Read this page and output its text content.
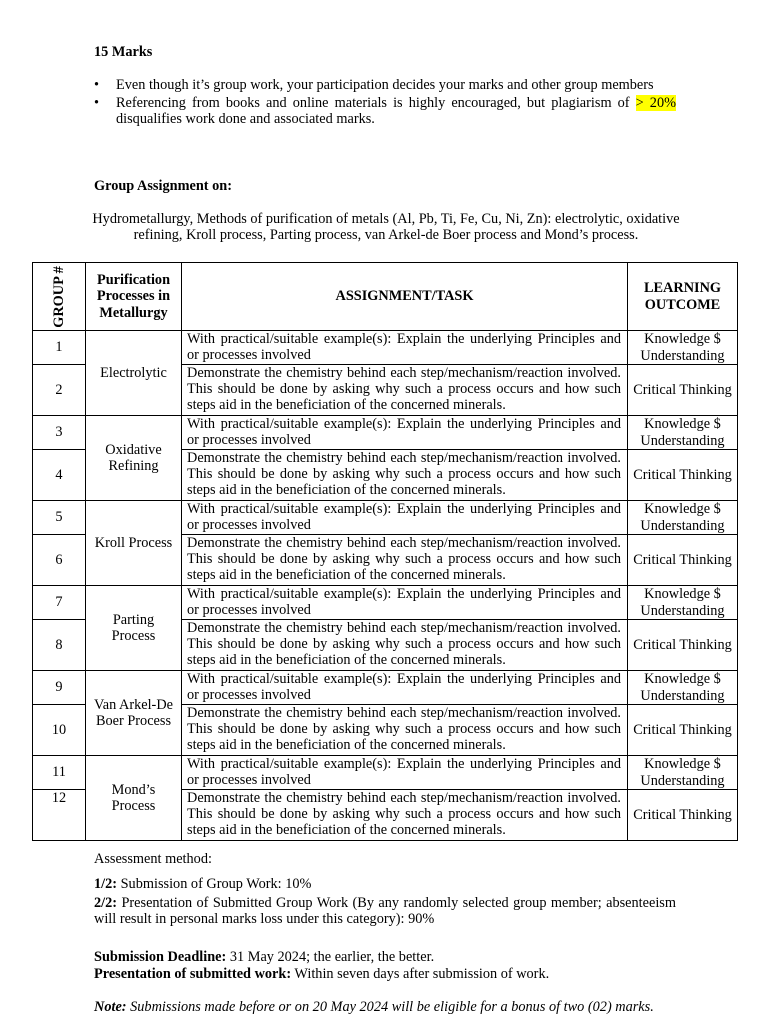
15 Marks
• Even though it’s group work, your participation decides your marks and other group members
• Referencing from books and online materials is highly encouraged, but plagiarism of > 20% disqualifies work done and associated marks.
Group Assignment on:
Hydrometallurgy, Methods of purification of metals (Al, Pb, Ti, Fe, Cu, Ni, Zn): electrolytic, oxidative refining, Kroll process, Parting process, van Arkel-de Boer process and Mond’s process.
GROUP #	Purification Processes in Metallurgy	ASSIGNMENT/TASK	LEARNING OUTCOME
1	Electrolytic	With practical/suitable example(s): Explain the underlying Principles and or processes involved	Knowledge $ Understanding
2		Demonstrate the chemistry behind each step/mechanism/reaction involved. This should be done by asking why such a process occurs and how such steps aid in the beneficiation of the concerned minerals.	Critical Thinking
3	Oxidative Refining	With practical/suitable example(s): Explain the underlying Principles and or processes involved	Knowledge $ Understanding
4		Demonstrate the chemistry behind each step/mechanism/reaction involved. This should be done by asking why such a process occurs and how such steps aid in the beneficiation of the concerned minerals.	Critical Thinking
5	Kroll Process	With practical/suitable example(s): Explain the underlying Principles and or processes involved	Knowledge $ Understanding
6		Demonstrate the chemistry behind each step/mechanism/reaction involved. This should be done by asking why such a process occurs and how such steps aid in the beneficiation of the concerned minerals.	Critical Thinking
7	Parting Process	With practical/suitable example(s): Explain the underlying Principles and or processes involved	Knowledge $ Understanding
8		Demonstrate the chemistry behind each step/mechanism/reaction involved. This should be done by asking why such a process occurs and how such steps aid in the beneficiation of the concerned minerals.	Critical Thinking
9	Van Arkel-De Boer Process	With practical/suitable example(s): Explain the underlying Principles and or processes involved	Knowledge $ Understanding
10		Demonstrate the chemistry behind each step/mechanism/reaction involved. This should be done by asking why such a process occurs and how such steps aid in the beneficiation of the concerned minerals.	Critical Thinking
11	Mond’s Process	With practical/suitable example(s): Explain the underlying Principles and or processes involved	Knowledge $ Understanding
12		Demonstrate the chemistry behind each step/mechanism/reaction involved. This should be done by asking why such a process occurs and how such steps aid in the beneficiation of the concerned minerals.	Critical Thinking
Assessment method:
1/2: Submission of Group Work: 10%
2/2: Presentation of Submitted Group Work (By any randomly selected group member; absenteeism will result in personal marks loss under this category): 90%
Submission Deadline: 31 May 2024; the earlier, the better.
Presentation of submitted work: Within seven days after submission of work.
Note: Submissions made before or on 20 May 2024 will be eligible for a bonus of two (02) marks.
